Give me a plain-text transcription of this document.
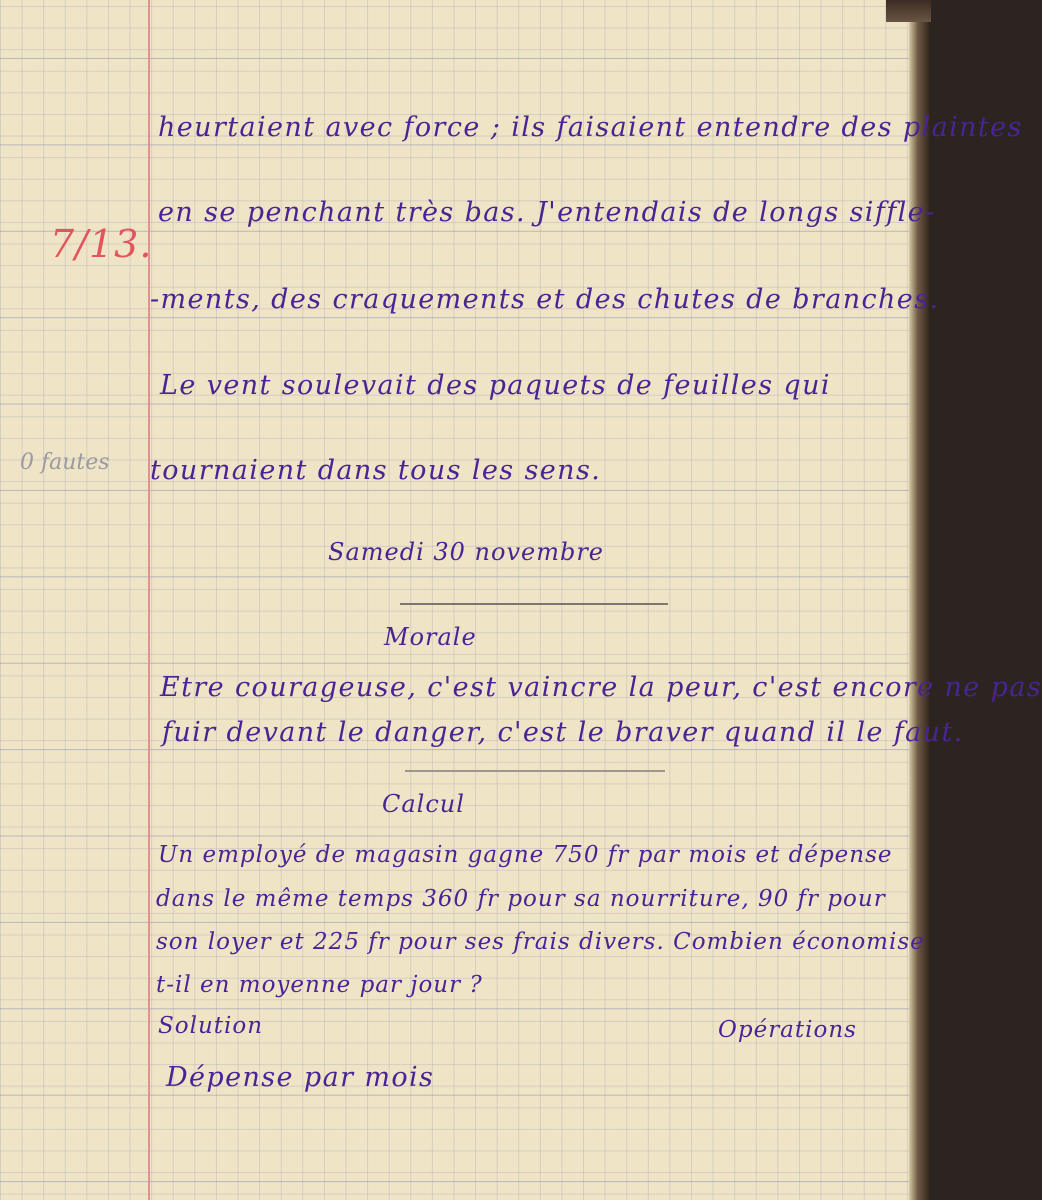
7/13.
0 fautes
heurtaient avec force ; ils faisaient entendre des plaintes
en se penchant très bas. J'entendais de longs siffle-
-ments, des craquements et des chutes de branches.
Le vent soulevait des paquets de feuilles qui
tournaient dans tous les sens.
Samedi 30 novembre
Morale
Etre courageuse, c'est vaincre la peur, c'est encore ne pas
fuir devant le danger, c'est le braver quand il le faut.
Calcul
Un employé de magasin gagne 750 fr par mois et dépense
dans le même temps 360 fr pour sa nourriture, 90 fr pour
son loyer et 225 fr pour ses frais divers. Combien économise
t-il en moyenne par jour ?
Solution	Opérations
Dépense par mois
